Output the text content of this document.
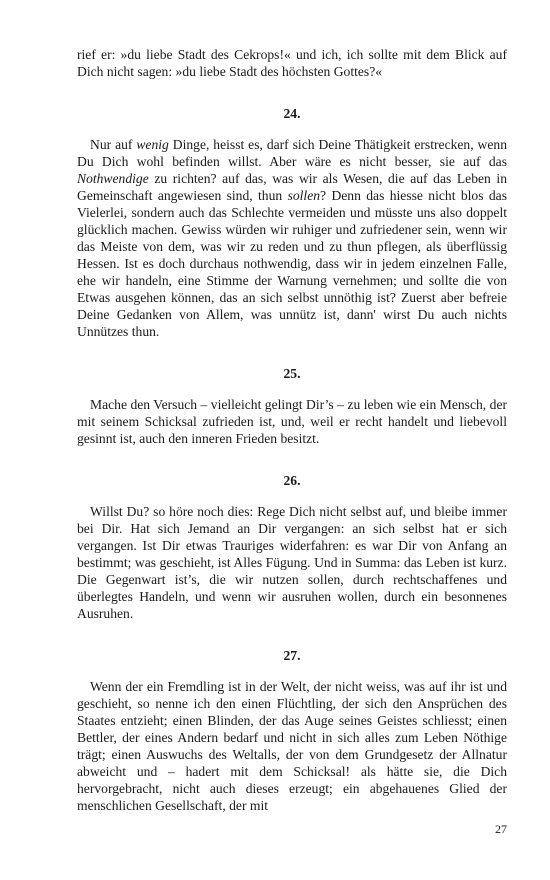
rief er: »du liebe Stadt des Cekrops!« und ich, ich sollte mit dem Blick auf Dich nicht sagen: »du liebe Stadt des höchsten Gottes?«

24.

Nur auf wenig Dinge, heisst es, darf sich Deine Thätigkeit erstrecken, wenn Du Dich wohl befinden willst. Aber wäre es nicht besser, sie auf das Nothwendige zu richten? auf das, was wir als Wesen, die auf das Leben in Gemeinschaft angewiesen sind, thun sollen? Denn das hiesse nicht blos das Vielerlei, sondern auch das Schlechte vermeiden und müsste uns also doppelt glücklich machen. Gewiss würden wir ruhiger und zufriedener sein, wenn wir das Meiste von dem, was wir zu reden und zu thun pflegen, als überflüssig Hessen. Ist es doch durchaus nothwendig, dass wir in jedem einzelnen Falle, ehe wir handeln, eine Stimme der Warnung vernehmen; und sollte die von Etwas ausgehen können, das an sich selbst unnöthig ist? Zuerst aber befreie Deine Gedanken von Allem, was unnütz ist, dann' wirst Du auch nichts Unnützes thun.

25.

Mache den Versuch – vielleicht gelingt Dir’s – zu leben wie ein Mensch, der mit seinem Schicksal zufrieden ist, und, weil er recht handelt und liebevoll gesinnt ist, auch den inneren Frieden besitzt.

26.

Willst Du? so höre noch dies: Rege Dich nicht selbst auf, und bleibe immer bei Dir. Hat sich Jemand an Dir vergangen: an sich selbst hat er sich vergangen. Ist Dir etwas Trauriges widerfahren: es war Dir von Anfang an bestimmt; was geschieht, ist Alles Fügung. Und in Summa: das Leben ist kurz. Die Gegenwart ist’s, die wir nutzen sollen, durch rechtschaffenes und überlegtes Handeln, und wenn wir ausruhen wollen, durch ein besonnenes Ausruhen.

27.

Wenn der ein Fremdling ist in der Welt, der nicht weiss, was auf ihr ist und geschieht, so nenne ich den einen Flüchtling, der sich den Ansprüchen des Staates entzieht; einen Blinden, der das Auge seines Geistes schliesst; einen Bettler, der eines Andern bedarf und nicht in sich alles zum Leben Nöthige trägt; einen Auswuchs des Weltalls, der von dem Grundgesetz der Allnatur abweicht und – hadert mit dem Schicksal! als hätte sie, die Dich hervorgebracht, nicht auch dieses erzeugt; ein abgehauenes Glied der menschlichen Gesellschaft, der mit

27
